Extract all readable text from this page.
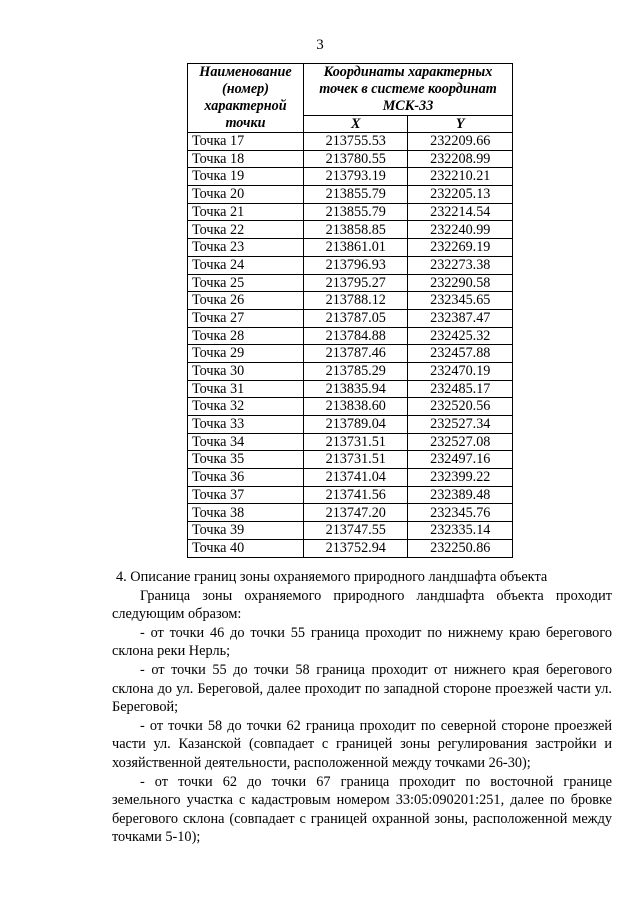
3
Наименование (номер) характерной точки	Координаты характерных точек в системе координат МСК-33	
	X	Y
Точка 17	213755.53	232209.66
Точка 18	213780.55	232208.99
Точка 19	213793.19	232210.21
Точка 20	213855.79	232205.13
Точка 21	213855.79	232214.54
Точка 22	213858.85	232240.99
Точка 23	213861.01	232269.19
Точка 24	213796.93	232273.38
Точка 25	213795.27	232290.58
Точка 26	213788.12	232345.65
Точка 27	213787.05	232387.47
Точка 28	213784.88	232425.32
Точка 29	213787.46	232457.88
Точка 30	213785.29	232470.19
Точка 31	213835.94	232485.17
Точка 32	213838.60	232520.56
Точка 33	213789.04	232527.34
Точка 34	213731.51	232527.08
Точка 35	213731.51	232497.16
Точка 36	213741.04	232399.22
Точка 37	213741.56	232389.48
Точка 38	213747.20	232345.76
Точка 39	213747.55	232335.14
Точка 40	213752.94	232250.86

4. Описание границ зоны охраняемого природного ландшафта объекта

Граница зоны охраняемого природного ландшафта объекта проходит следующим образом:

- от точки 46 до точки 55 граница проходит по нижнему краю берегового склона реки Нерль;

- от точки 55 до точки 58 граница проходит от нижнего края берегового склона до ул. Береговой, далее проходит по западной стороне проезжей части ул. Береговой;

- от точки 58 до точки 62 граница проходит по северной стороне проезжей части ул. Казанской (совпадает с границей зоны регулирования застройки и хозяйственной деятельности, расположенной между точками 26-30);

- от точки 62 до точки 67 граница проходит по восточной границе земельного участка с кадастровым номером 33:05:090201:251, далее по бровке берегового склона (совпадает с границей охранной зоны, расположенной между точками 5-10);
